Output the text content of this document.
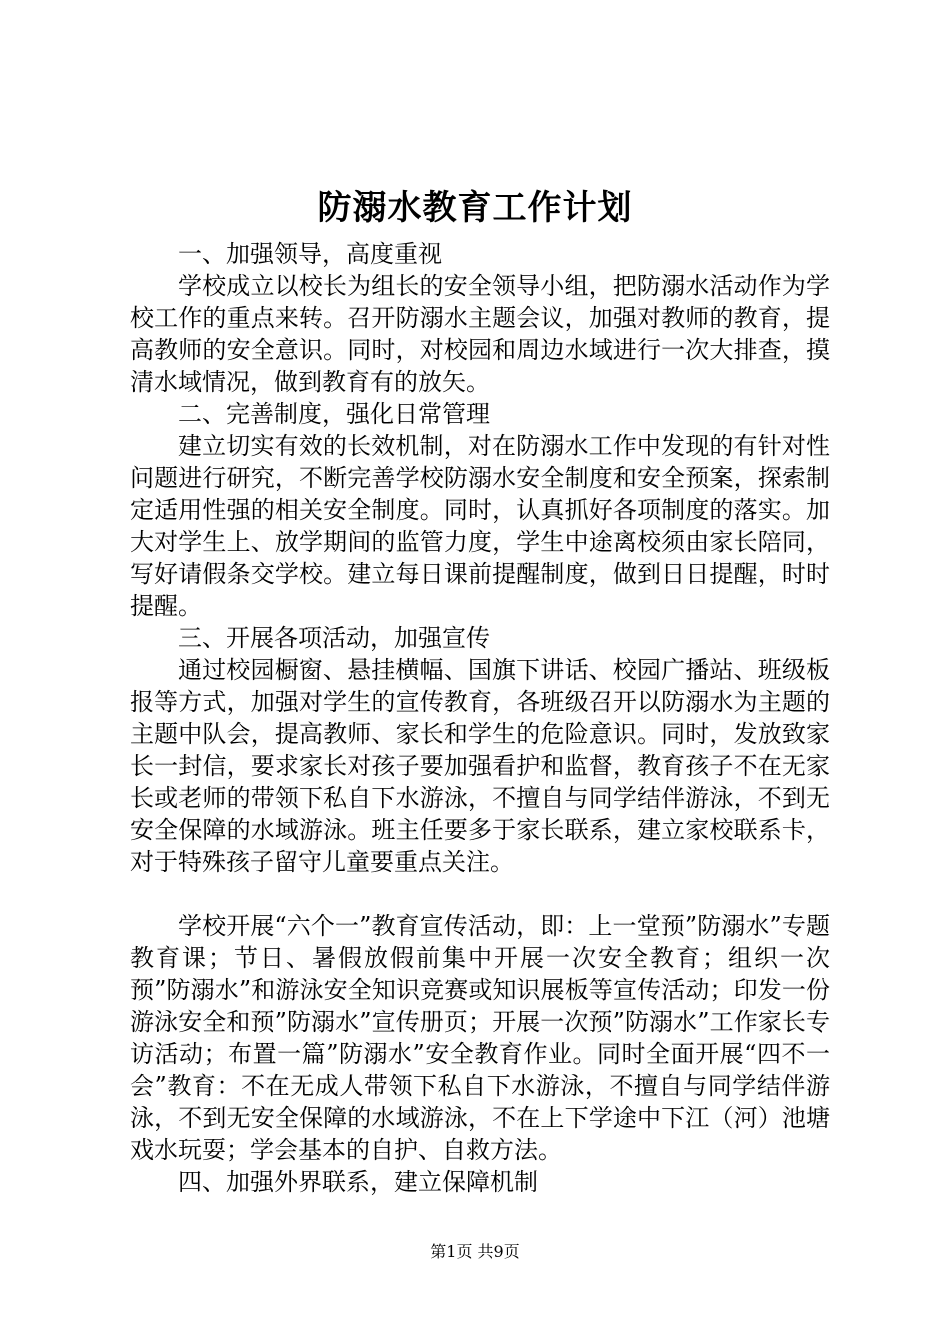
防溺水教育工作计划

一、加强领导，高度重视

学校成立以校长为组长的安全领导小组，把防溺水活动作为学校工作的重点来转。召开防溺水主题会议，加强对教师的教育，提高教师的安全意识。同时，对校园和周边水域进行一次大排查，摸清水域情况，做到教育有的放矢。

二、完善制度，强化日常管理

建立切实有效的长效机制，对在防溺水工作中发现的有针对性问题进行研究，不断完善学校防溺水安全制度和安全预案，探索制定适用性强的相关安全制度。同时，认真抓好各项制度的落实。加大对学生上、放学期间的监管力度，学生中途离校须由家长陪同，写好请假条交学校。建立每日课前提醒制度，做到日日提醒，时时提醒。

三、开展各项活动，加强宣传

通过校园橱窗、悬挂横幅、国旗下讲话、校园广播站、班级板报等方式，加强对学生的宣传教育，各班级召开以防溺水为主题的主题中队会，提高教师、家长和学生的危险意识。同时，发放致家长一封信，要求家长对孩子要加强看护和监督，教育孩子不在无家长或老师的带领下私自下水游泳，不擅自与同学结伴游泳，不到无安全保障的水域游泳。班主任要多于家长联系，建立家校联系卡，对于特殊孩子留守儿童要重点关注。

学校开展“六个一”教育宣传活动，即：上一堂预”防溺水”专题教育课；节日、暑假放假前集中开展一次安全教育；组织一次预”防溺水”和游泳安全知识竞赛或知识展板等宣传活动；印发一份游泳安全和预”防溺水”宣传册页；开展一次预”防溺水”工作家长专访活动；布置一篇”防溺水”安全教育作业。同时全面开展“四不一会”教育：不在无成人带领下私自下水游泳，不擅自与同学结伴游泳，不到无安全保障的水域游泳，不在上下学途中下江（河）池塘戏水玩耍；学会基本的自护、自救方法。

四、加强外界联系，建立保障机制

第1页 共9页
